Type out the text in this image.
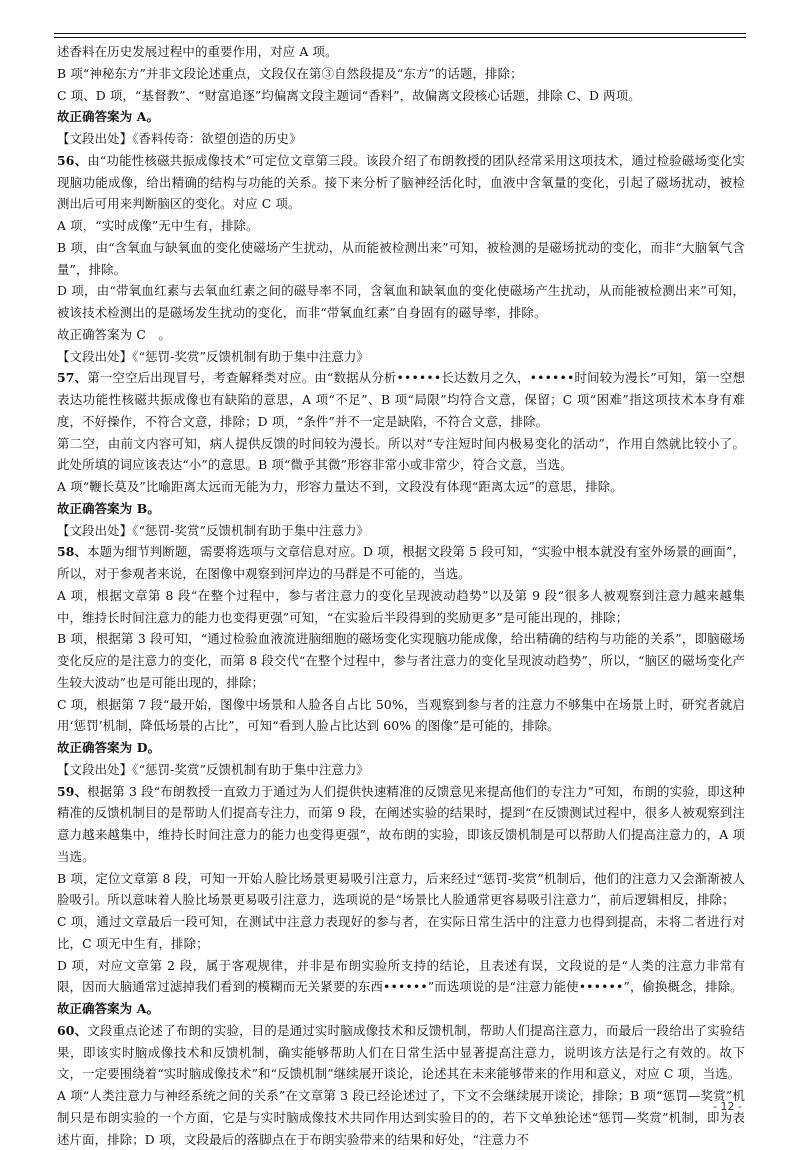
述香料在历史发展过程中的重要作用，对应 A 项。

B 项“神秘东方”并非文段论述重点，文段仅在第③自然段提及“东方”的话题，排除；

C 项、D 项，“基督教”、“财富追逐”均偏离文段主题词“香料”，故偏离文段核心话题，排除 C、D 两项。

故正确答案为 A。

【文段出处】《香料传奇：欲望创造的历史》

56、由“功能性核磁共振成像技术”可定位文章第三段。该段介绍了布朗教授的团队经常采用这项技术，通过检验磁场变化实现脑功能成像，给出精确的结构与功能的关系。接下来分析了脑神经活化时，血液中含氧量的变化，引起了磁场扰动，被检测出后可用来判断脑区的变化。对应 C 项。

A 项，“实时成像”无中生有，排除。

B 项，由“含氧血与缺氧血的变化使磁场产生扰动，从而能被检测出来”可知，被检测的是磁场扰动的变化，而非“大脑氧气含量”，排除。

D 项，由“带氧血红素与去氧血红素之间的磁导率不同，含氧血和缺氧血的变化使磁场产生扰动，从而能被检测出来”可知，被该技术检测出的是磁场发生扰动的变化，而非“带氧血红素”自身固有的磁导率，排除。

故正确答案为 C　。

【文段出处】《“惩罚-奖赏”反馈机制有助于集中注意力》

57、第一空空后出现冒号，考查解释类对应。由“数据从分析••••••长达数月之久，••••••时间较为漫长”可知，第一空想表达功能性核磁共振成像也有缺陷的意思，A 项“不足”、B 项“局限”均符合文意，保留；C 项“困难”指这项技术本身有难度，不好操作，不符合文意，排除；D 项，“条件”并不一定是缺陷，不符合文意，排除。

第二空，由前文内容可知，病人提供反馈的时间较为漫长。所以对“专注短时间内极易变化的活动”，作用自然就比较小了。此处所填的词应该表达“小”的意思。B 项“微乎其微”形容非常小或非常少，符合文意，当选。

A 项“鞭长莫及”比喻距离太远而无能为力，形容力量达不到，文段没有体现“距离太远”的意思，排除。

故正确答案为 B。

【文段出处】《“惩罚-奖赏”反馈机制有助于集中注意力》

58、本题为细节判断题，需要将选项与文章信息对应。D 项，根据文段第 5 段可知，“实验中根本就没有室外场景的画面”，所以，对于参观者来说，在图像中观察到河岸边的马群是不可能的，当选。

A 项，根据文章第 8 段“在整个过程中，参与者注意力的变化呈现波动趋势”以及第 9 段“很多人被观察到注意力越来越集中，维持长时间注意力的能力也变得更强”可知，“在实验后半段得到的奖励更多”是可能出现的，排除；

B 项，根据第 3 段可知，“通过检验血液流进脑细胞的磁场变化实现脑功能成像，给出精确的结构与功能的关系”，即脑磁场变化反应的是注意力的变化，而第 8 段交代“在整个过程中，参与者注意力的变化呈现波动趋势”，所以，“脑区的磁场变化产生较大波动”也是可能出现的，排除；

C 项，根据第 7 段“最开始，图像中场景和人脸各自占比 50%，当观察到参与者的注意力不够集中在场景上时，研究者就启用‘惩罚’机制，降低场景的占比”，可知“看到人脸占比达到 60% 的图像”是可能的，排除。

故正确答案为 D。

【文段出处】《“惩罚-奖赏”反馈机制有助于集中注意力》

59、根据第 3 段“布朗教授一直致力于通过为人们提供快速精准的反馈意见来提高他们的专注力”可知，布朗的实验，即这种精准的反馈机制目的是帮助人们提高专注力，而第 9 段，在阐述实验的结果时，提到“在反馈测试过程中，很多人被观察到注意力越来越集中，维持长时间注意力的能力也变得更强”，故布朗的实验，即该反馈机制是可以帮助人们提高注意力的，A 项当选。

B 项，定位文章第 8 段，可知一开始人脸比场景更易吸引注意力，后来经过“惩罚-奖赏”机制后，他们的注意力又会渐渐被人脸吸引。所以意味着人脸比场景更易吸引注意力，选项说的是“场景比人脸通常更容易吸引注意力”，前后逻辑相反，排除；

C 项，通过文章最后一段可知，在测试中注意力表现好的参与者，在实际日常生活中的注意力也得到提高，未将二者进行对比，C 项无中生有，排除；

D 项，对应文章第 2 段，属于客观规律，并非是布朗实验所支持的结论，且表述有误，文段说的是“人类的注意力非常有限，因而大脑通常过滤掉我们看到的模糊而无关紧要的东西••••••”而选项说的是“注意力能使••••••”，偷换概念，排除。

故正确答案为 A。

60、文段重点论述了布朗的实验，目的是通过实时脑成像技术和反馈机制，帮助人们提高注意力，而最后一段给出了实验结果，即该实时脑成像技术和反馈机制，确实能够帮助人们在日常生活中显著提高注意力，说明该方法是行之有效的。故下文，一定要围绕着“实时脑成像技术”和“反馈机制”继续展开谈论，论述其在未来能够带来的作用和意义，对应 C 项，当选。

A 项“人类注意力与神经系统之间的关系”在文章第 3 段已经论述过了，下文不会继续展开谈论，排除；B 项“惩罚—奖赏”机制只是布朗实验的一个方面，它是与实时脑成像技术共同作用达到实验目的的，若下文单独论述“惩罚—奖赏”机制，即为表述片面，排除；D 项，文段最后的落脚点在于布朗实验带来的结果和好处，“注意力不

- 12 -
